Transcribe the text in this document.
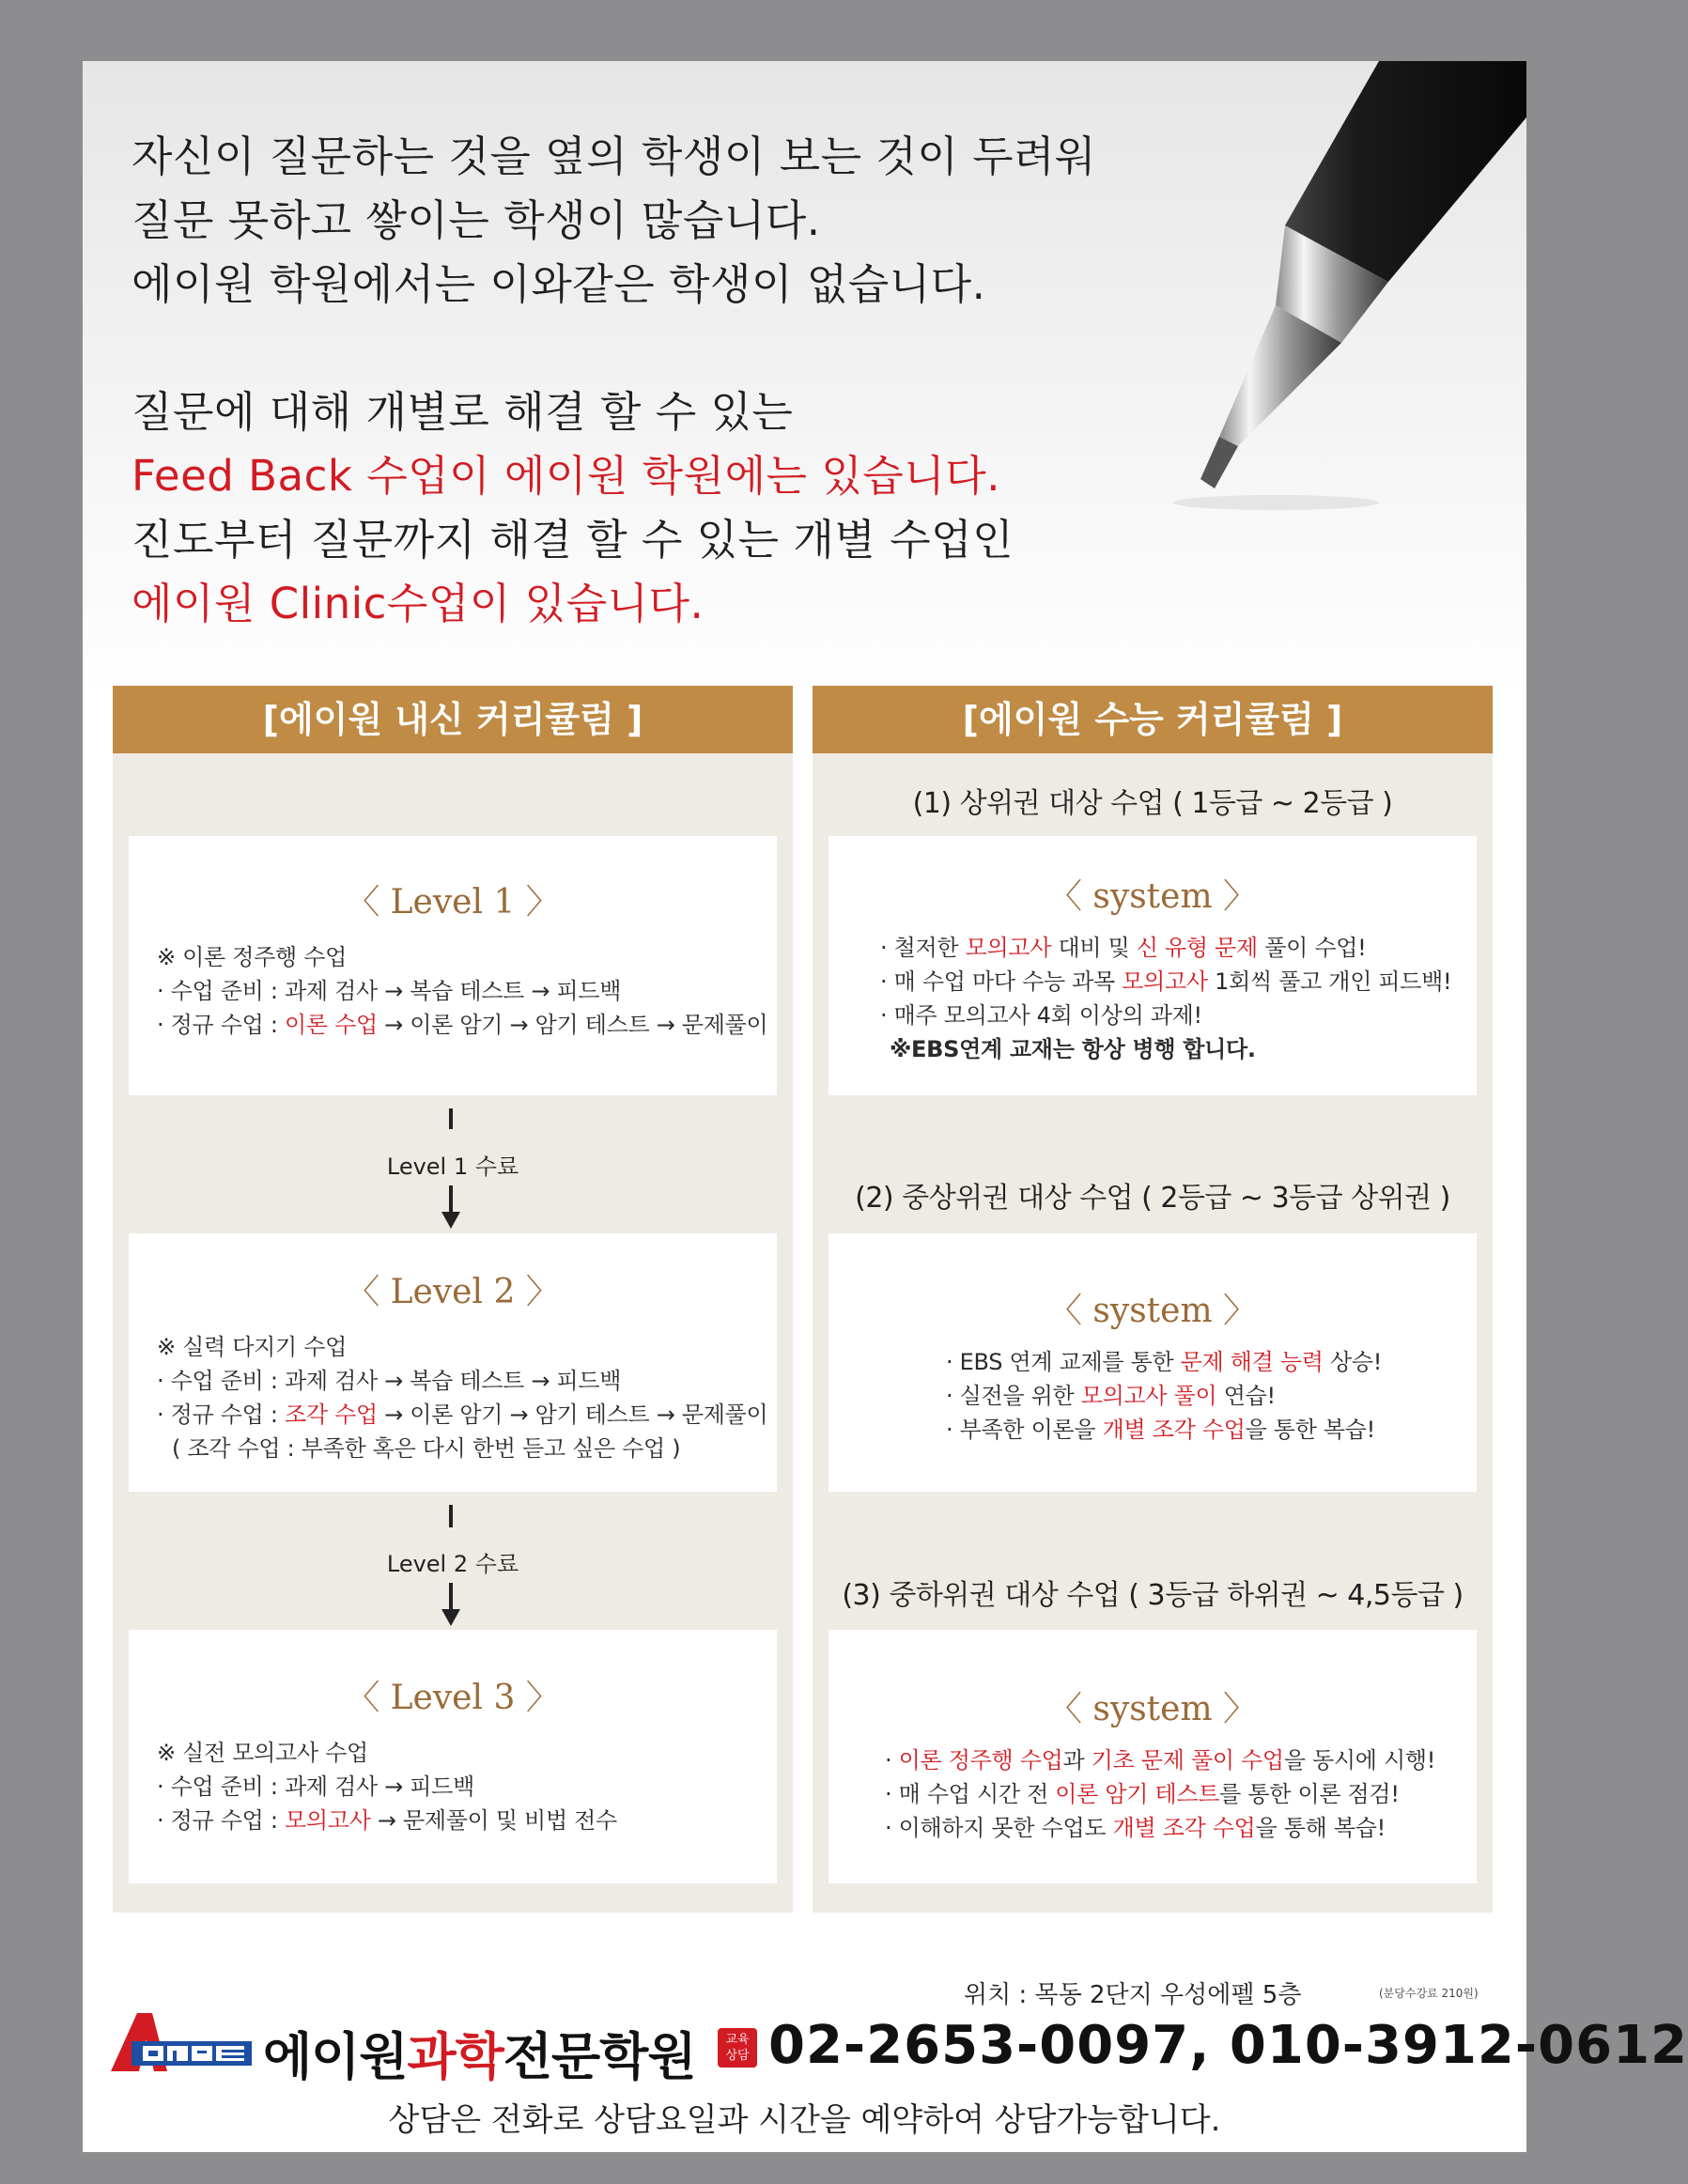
자신이 질문하는 것을 옆의 학생이 보는 것이 두려워

질문 못하고 쌓이는 학생이 많습니다.

에이원 학원에서는 이와같은 학생이 없습니다.

질문에 대해 개별로 해결 할 수 있는

Feed Back 수업이 에이원 학원에는 있습니다.

진도부터 질문까지 해결 할 수 있는 개별 수업인

에이원 Clinic수업이 있습니다.

[에이원 내신 커리큘럼 ]
〈 Level 1 〉
※ 이론 정주행 수업
· 수업 준비 : 과제 검사 → 복습 테스트 → 피드백
· 정규 수업 : 이론 수업 → 이론 암기 → 암기 테스트 → 문제풀이
Level 1 수료
〈 Level 2 〉
※ 실력 다지기 수업
· 수업 준비 : 과제 검사 → 복습 테스트 → 피드백
· 정규 수업 : 조각 수업 → 이론 암기 → 암기 테스트 → 문제풀이
( 조각 수업 : 부족한 혹은 다시 한번 듣고 싶은 수업 )
Level 2 수료
〈 Level 3 〉
※ 실전 모의고사 수업
· 수업 준비 : 과제 검사 → 피드백
· 정규 수업 : 모의고사 → 문제풀이 및 비법 전수
[에이원 수능 커리큘럼 ]
(1) 상위권 대상 수업 ( 1등급 ~ 2등급 )
〈 system 〉
· 철저한 모의고사 대비 및 신 유형 문제 풀이 수업!
· 매 수업 마다 수능 과목 모의고사 1회씩 풀고 개인 피드백!
· 매주 모의고사 4회 이상의 과제!
※EBS연계 교재는 항상 병행 합니다.
(2) 중상위권 대상 수업 ( 2등급 ~ 3등급 상위권 )
〈 system 〉
· EBS 연계 교제를 통한 문제 해결 능력 상승!
· 실전을 위한 모의고사 풀이 연습!
· 부족한 이론을 개별 조각 수업을 통한 복습!
(3) 중하위권 대상 수업 ( 3등급 하위권 ~ 4,5등급 )
〈 system 〉
· 이론 정주행 수업과 기초 문제 풀이 수업을 동시에 시행!
· 매 수업 시간 전 이론 암기 테스트를 통한 이론 점검!
· 이해하지 못한 수업도 개별 조각 수업을 통해 복습!
위치 : 목동 2단지 우성에펠 5층	(분당수강료 210원)
에이원과학전문학원	교육
상담 02-2653-0097, 010-3912-0612
상담은 전화로 상담요일과 시간을 예약하여 상담가능합니다.
